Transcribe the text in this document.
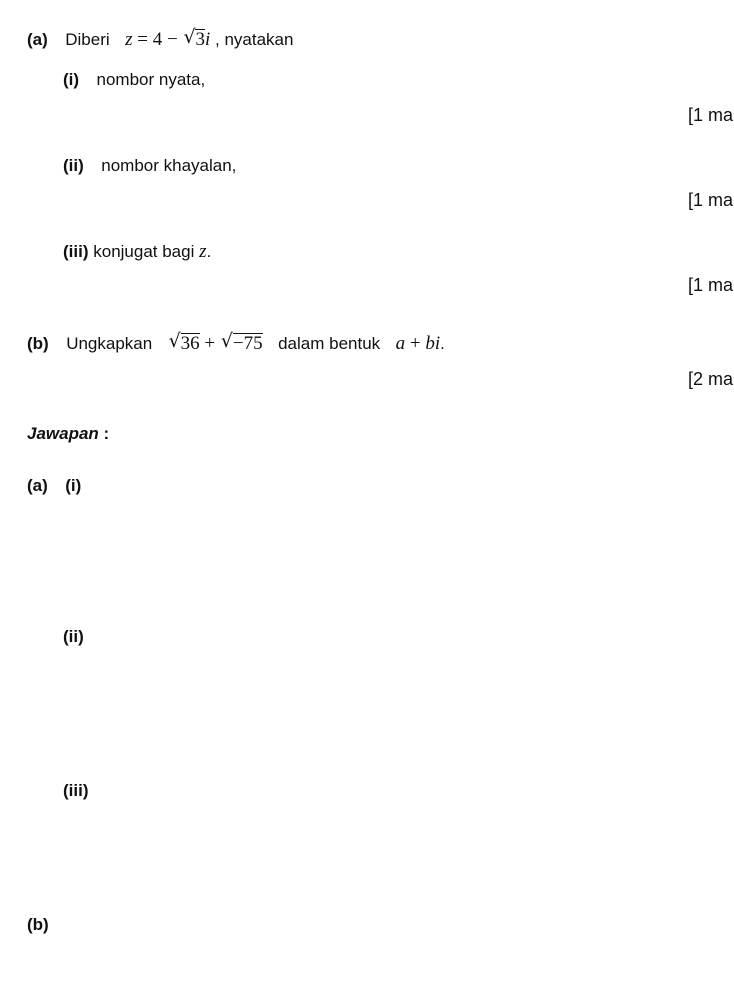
(a) Diberi z = 4 − √ 3i , nyatakan
(i) nombor nyata,
[1 ma
(ii) nombor khayalan,
[1 ma
(iii) konjugat bagi z.
[1 ma
(b) Ungkapkan √ 36 + √ −75 dalam bentuk a + bi.
[2 ma
Jawapan :
(a) (i)
(ii)
(iii)
(b)
